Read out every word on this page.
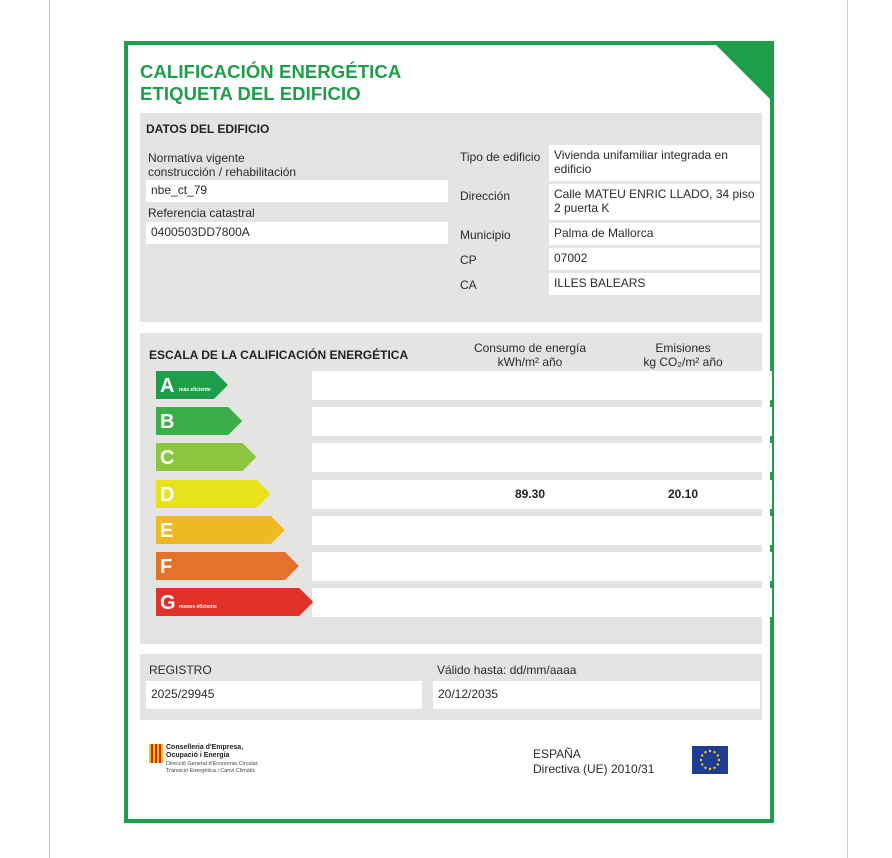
CALIFICACIÓN ENERGÉTICA
ETIQUETA DEL EDIFICIO
DATOS DEL EDIFICIO
Normativa vigente
construcción / rehabilitación
nbe_ct_79
Referencia catastral
0400503DD7800A
Tipo de edificio Vivienda unifamiliar integrada en
edificio
Dirección	Calle MATEU ENRIC LLADO, 34 piso
2 puerta K
Municipio	Palma de Mallorca
CP	07002
CA	ILLES BALEARS
ESCALA DE LA CALIFICACIÓN ENERGÉTICA	Consumo de energía
kWh/m² año
Emisiones
kg CO₂/m² año
A más eficiente
B
C
D	89.30	20.10
E
F
G menos eficiente
REGISTRO
2025/29945
Válido hasta: dd/mm/aaaa
20/12/2035
Conselleria d'Empresa,
Ocupació i Energia
Direcció General d'Economia Circular,
Transició Energètica i Canvi Climàtic
ESPAÑA
Directiva (UE) 2010/31
